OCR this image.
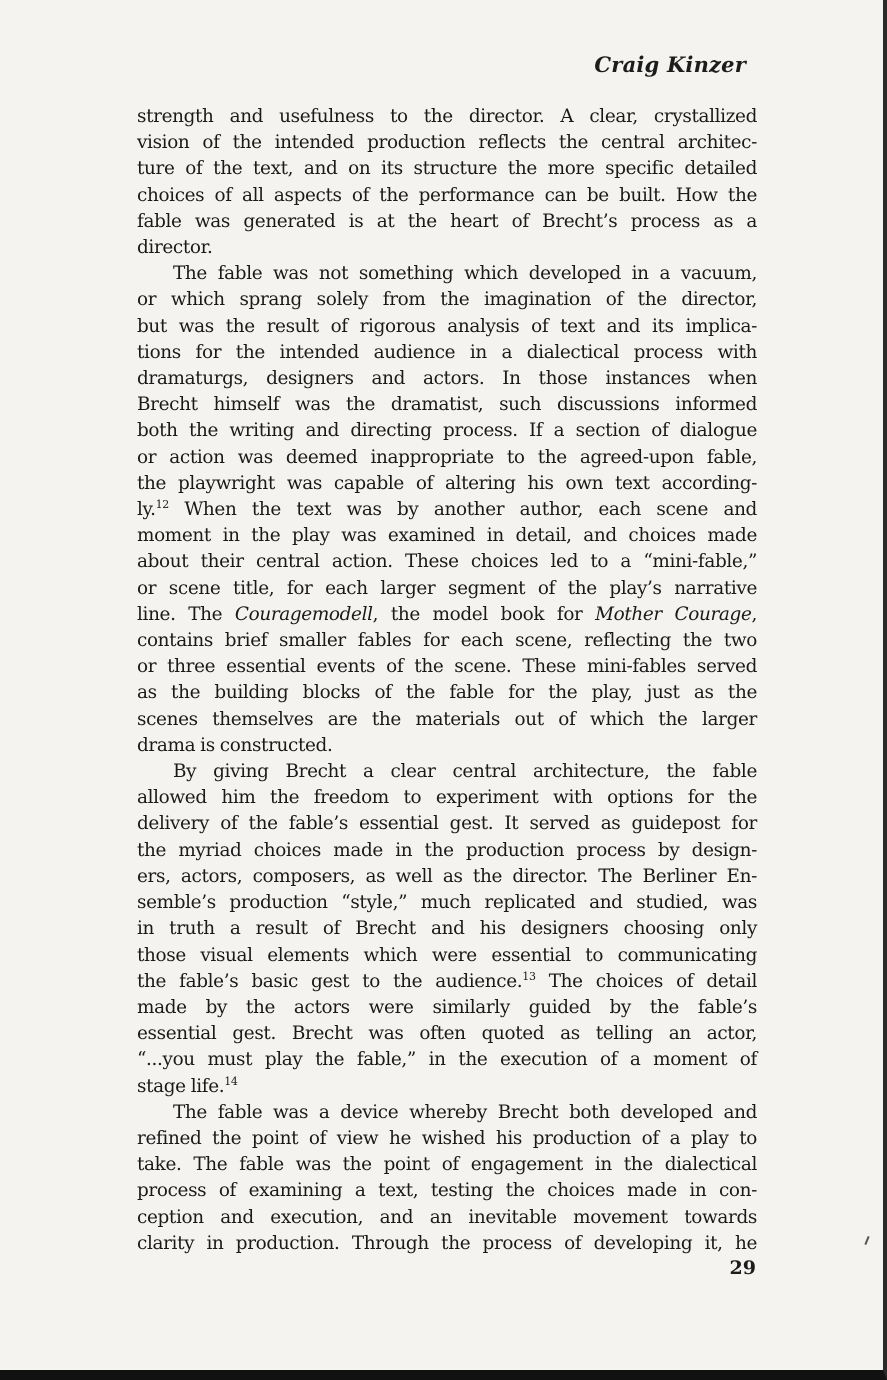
Craig Kinzer
strength and usefulness to the director. A clear, crystallized
vision of the intended production reflects the central architec-
ture of the text, and on its structure the more specific detailed
choices of all aspects of the performance can be built. How the
fable was generated is at the heart of Brecht’s process as a
director.
The fable was not something which developed in a vacuum,
or which sprang solely from the imagination of the director,
but was the result of rigorous analysis of text and its implica-
tions for the intended audience in a dialectical process with
dramaturgs, designers and actors. In those instances when
Brecht himself was the dramatist, such discussions informed
both the writing and directing process. If a section of dialogue
or action was deemed inappropriate to the agreed-upon fable,
the playwright was capable of altering his own text according-
ly.$^{12}$ When the text was by another author, each scene and
moment in the play was examined in detail, and choices made
about their central action. These choices led to a “mini-fable,”
or scene title, for each larger segment of the play’s narrative
line. The Couragemodell, the model book for Mother Courage,
contains brief smaller fables for each scene, reflecting the two
or three essential events of the scene. These mini-fables served
as the building blocks of the fable for the play, just as the
scenes themselves are the materials out of which the larger
drama is constructed.
By giving Brecht a clear central architecture, the fable
allowed him the freedom to experiment with options for the
delivery of the fable’s essential gest. It served as guidepost for
the myriad choices made in the production process by design-
ers, actors, composers, as well as the director. The Berliner En-
semble’s production “style,” much replicated and studied, was
in truth a result of Brecht and his designers choosing only
those visual elements which were essential to communicating
the fable’s basic gest to the audience.$^{13}$ The choices of detail
made by the actors were similarly guided by the fable’s
essential gest. Brecht was often quoted as telling an actor,
“...you must play the fable,” in the execution of a moment of
stage life.$^{14}$
The fable was a device whereby Brecht both developed and
refined the point of view he wished his production of a play to
take. The fable was the point of engagement in the dialectical
process of examining a text, testing the choices made in con-
ception and execution, and an inevitable movement towards
clarity in production. Through the process of developing it, he
29
